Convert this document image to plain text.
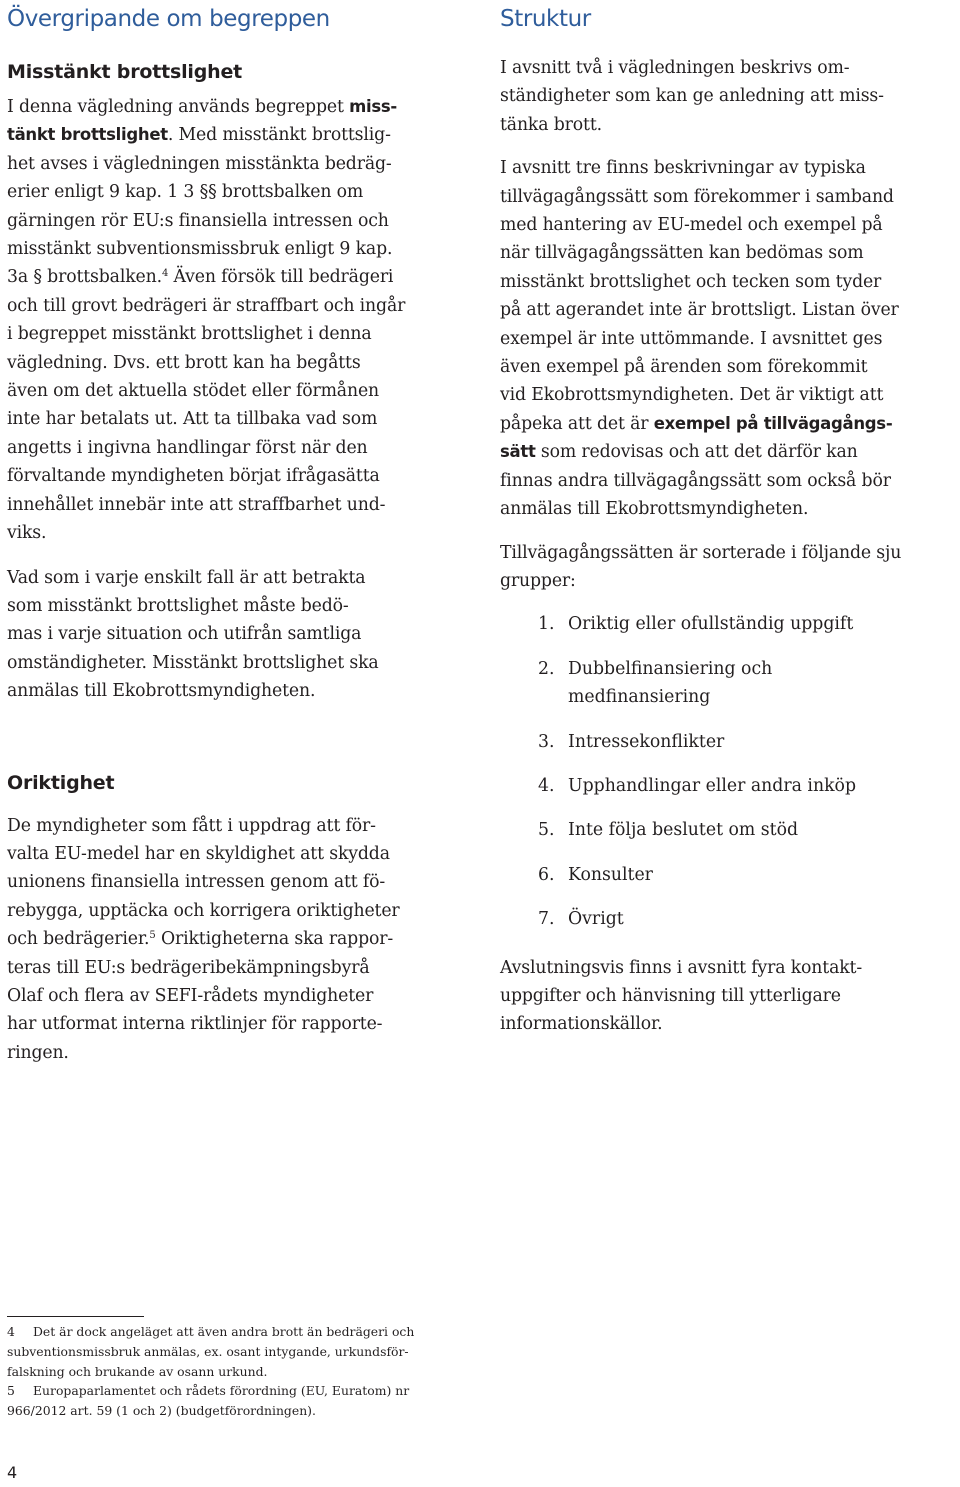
Övergripande om begreppen
Misstänkt brottslighet

I denna vägledning används begreppet miss-
tänkt brottslighet. Med misstänkt brottslig-
het avses i vägledningen misstänkta bedräg-
erier enligt 9 kap. 1 3 §§ brottsbalken om
gärningen rör EU:s finansiella intressen och
misstänkt subventionsmissbruk enligt 9 kap.
3a § brottsbalken.$^4$ Även försök till bedrägeri
och till grovt bedrägeri är straffbart och ingår
i begreppet misstänkt brottslighet i denna
vägledning. Dvs. ett brott kan ha begåtts
även om det aktuella stödet eller förmånen
inte har betalats ut. Att ta tillbaka vad som
angetts i ingivna handlingar först när den
förvaltande myndigheten börjat ifrågasätta
innehållet innebär inte att straffbarhet und-
viks.

Vad som i varje enskilt fall är att betrakta
som misstänkt brottslighet måste bedö-
mas i varje situation och utifrån samtliga
omständigheter. Misstänkt brottslighet ska
anmälas till Ekobrottsmyndigheten.

Oriktighet

De myndigheter som fått i uppdrag att för-
valta EU-medel har en skyldighet att skydda
unionens finansiella intressen genom att fö-
rebygga, upptäcka och korrigera oriktigheter
och bedrägerier.$^5$ Oriktigheterna ska rappor-
teras till EU:s bedrägeribekämpningsbyrå
Olaf och flera av SEFI-rådets myndigheter
har utformat interna riktlinjer för rapporte-
ringen.

Struktur

I avsnitt två i vägledningen beskrivs om-
ständigheter som kan ge anledning att miss-
tänka brott.

I avsnitt tre finns beskrivningar av typiska
tillvägagångssätt som förekommer i samband
med hantering av EU-medel och exempel på
när tillvägagångssätten kan bedömas som
misstänkt brottslighet och tecken som tyder
på att agerandet inte är brottsligt. Listan över
exempel är inte uttömmande. I avsnittet ges
även exempel på ärenden som förekommit
vid Ekobrottsmyndigheten. Det är viktigt att
påpeka att det är exempel på tillvägagångs-
sätt som redovisas och att det därför kan
finnas andra tillvägagångssätt som också bör
anmälas till Ekobrottsmyndigheten.

Tillvägagångssätten är sorterade i följande sju
grupper:

1. Oriktig eller ofullständig uppgift
2. Dubbelfinansiering och
medfinansiering
3. Intressekonflikter
4. Upphandlingar eller andra inköp
5. Inte följa beslutet om stöd
6. Konsulter
7. Övrigt

Avslutningsvis finns i avsnitt fyra kontakt-
uppgifter och hänvisning till ytterligare
informationskällor.

4 Det är dock angeläget att även andra brott än bedrägeri och
subventionsmissbruk anmälas, ex. osant intygande, urkundsför-
falskning och brukande av osann urkund.

5 Europaparlamentet och rådets förordning (EU, Euratom) nr
966/2012 art. 59 (1 och 2) (budgetförordningen).

4
